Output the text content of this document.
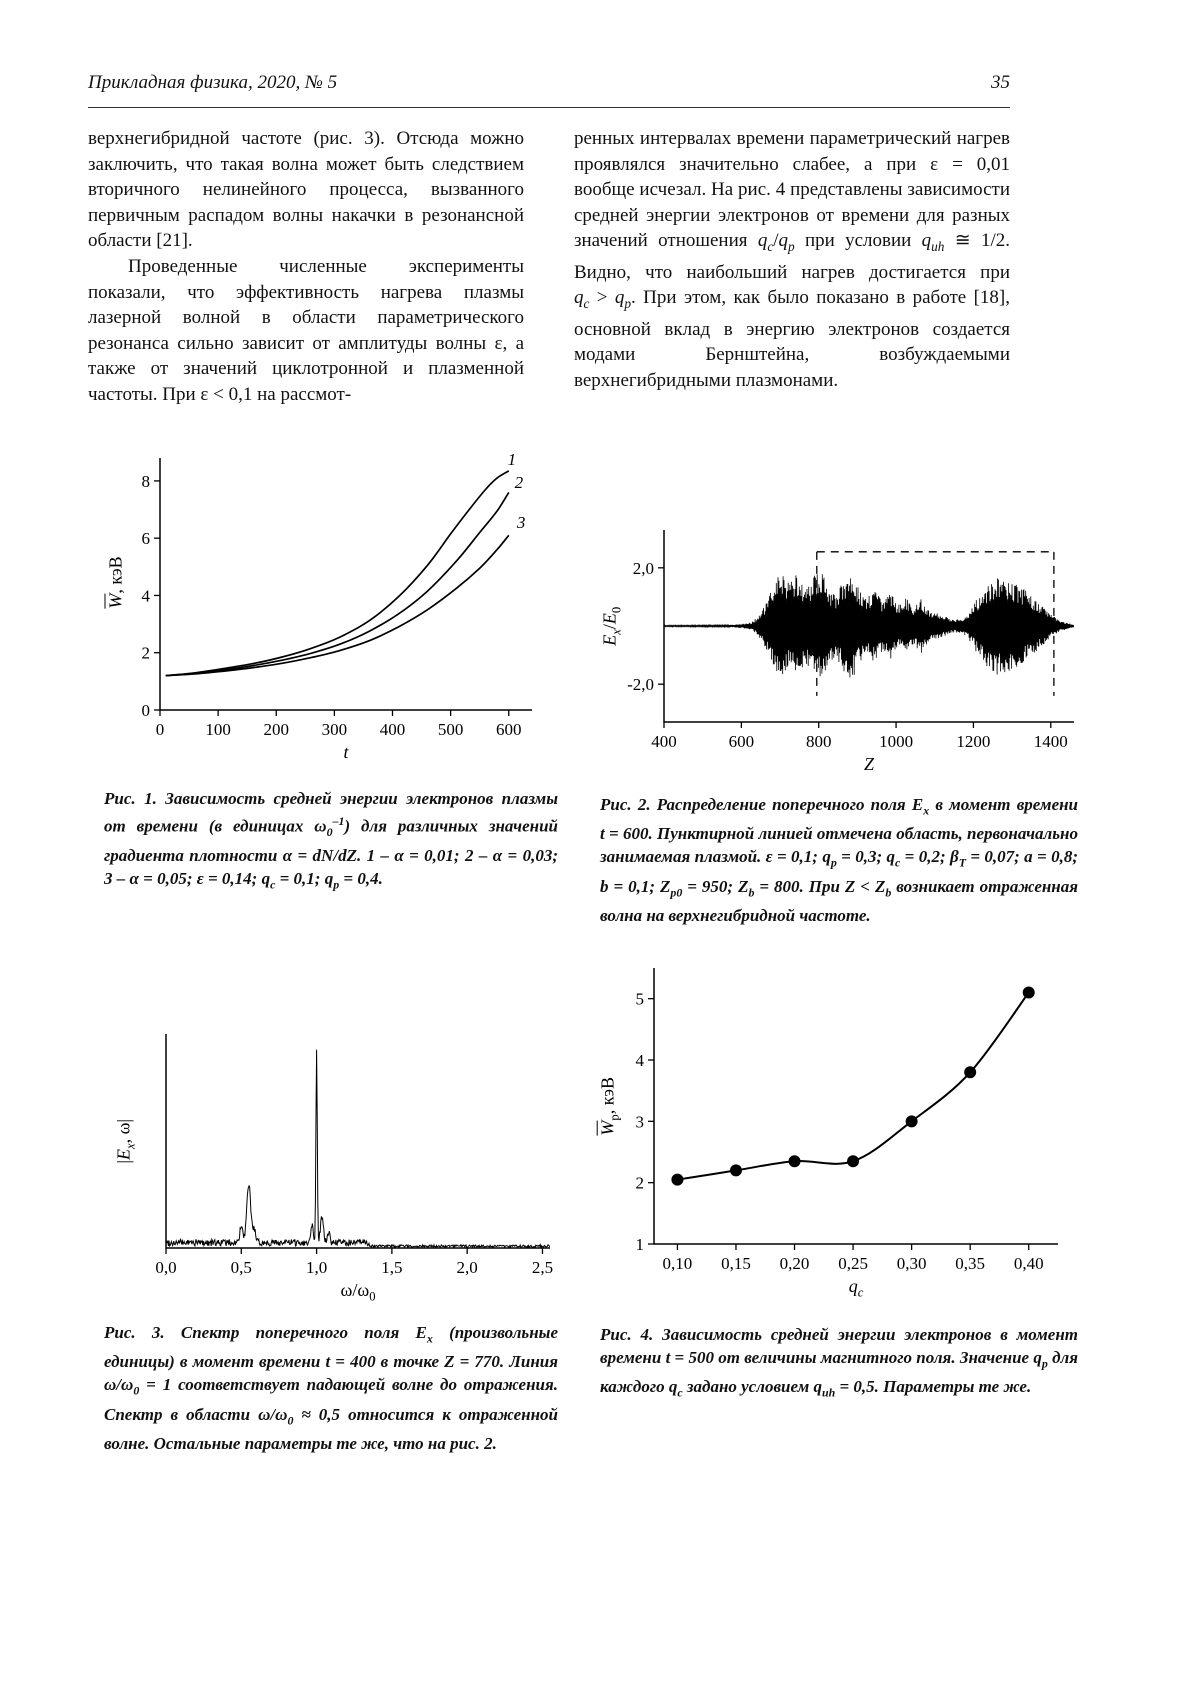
Прикладная физика, 2020, № 5	35

верхнегибридной частоте (рис. 3). Отсюда можно заключить, что такая волна может быть следствием вторичного нелинейного процесса, вызванного первичным распадом волны накачки в резонансной области [21].

Проведенные численные эксперименты показали, что эффективность нагрева плазмы лазерной волной в области параметрического резонанса сильно зависит от амплитуды волны ε, а также от значений циклотронной и плазменной частоты. При ε < 0,1 на рассмот-

ренных интервалах времени параметрический нагрев проявлялся значительно слабее, а при ε = 0,01 вообще исчезал. На рис. 4 представлены зависимости средней энергии электронов от времени для разных значений отношения $q_c/q_p$ при условии $q_{uh}$ ≅ 1/2. Видно, что наибольший нагрев достигается при $q_c > q_p$. При этом, как было показано в работе [18], основной вклад в энергию электронов создается модами Бернштейна, возбуждаемыми верхнегибридными плазмонами.

0 100 200 300 400 500 600
0
2
4
6
8
1
2
3
$\overline{W}$, кэВ
t
Рис. 1. Зависимость средней энергии электронов плазмы от времени (в единицах $\omega_0^{-1}$) для различных значений градиента плотности α = dN/dZ. 1 – α = 0,01; 2 – α = 0,03; 3 – α = 0,05; ε = 0,14; $q_c = 0,1$; $q_p = 0,4$.
400	600	800	1000	1200	1400
2,0
-2,0
$E_x/E_0$
Z
Рис. 2. Распределение поперечного поля $E_x$ в момент времени t = 600. Пунктирной линией отмечена область, первоначально занимаемая плазмой. ε = 0,1; $q_p = 0,3$; $q_c = 0,2$; $\beta_T = 0,07$; a = 0,8; b = 0,1; $Z_{p0} = 950$; $Z_b = 800$. При $Z < Z_b$ возникает отраженная волна на верхнегибридной частоте.
0,0	0,5	1,0	1,5	2,0	2,5
$|E_x$, ω|
$\omega/\omega_0$
Рис. 3. Спектр поперечного поля $E_x$ (произвольные единицы) в момент времени t = 400 в точке Z = 770. Линия $\omega/\omega_0 = 1$ соответствует падающей волне до отражения. Спектр в области $\omega/\omega_0 \approx 0,5$ относится к отраженной волне. Остальные параметры те же, что на рис. 2.
0,10 0,15 0,20 0,25 0,30 0,35 0,40
1
2
3
4
5
$\overline{W}_p$, кэВ
$q_c$
Рис. 4. Зависимость средней энергии электронов в момент времени t = 500 от величины магнитного поля. Значение $q_p$ для каждого $q_c$ задано условием $q_{uh} = 0,5$. Параметры те же.
